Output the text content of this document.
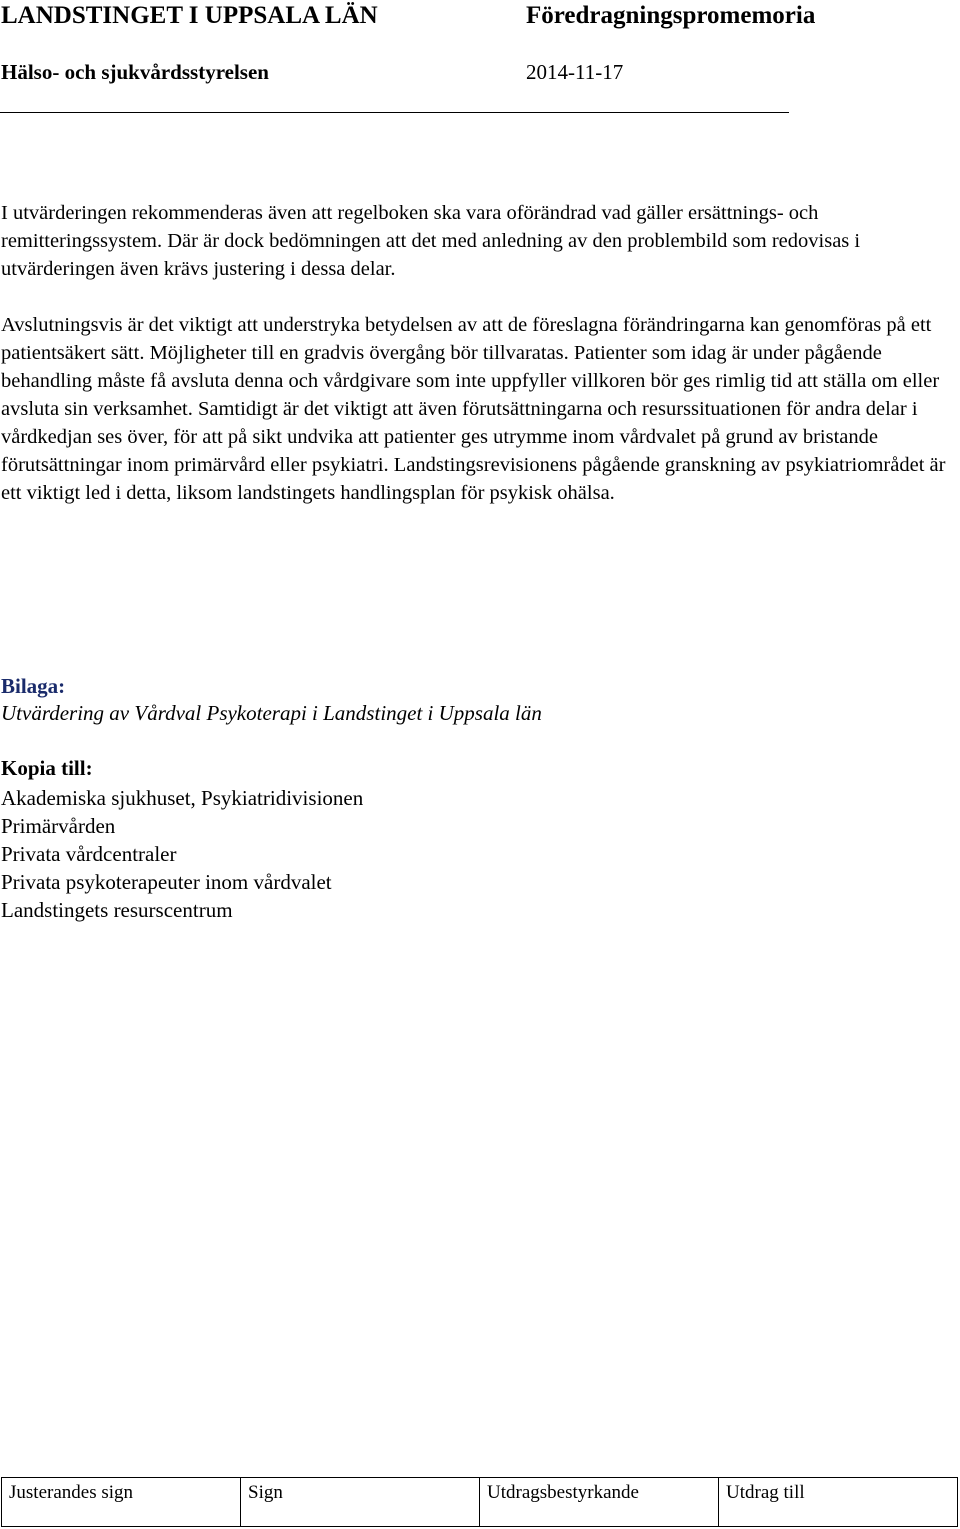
LANDSTINGET I UPPSALA LÄN	Föredragningspromemoria
Hälso- och sjukvårdsstyrelsen	2014-11-17

I utvärderingen rekommenderas även att regelboken ska vara oförändrad vad gäller ersättnings- och remitteringssystem. Där är dock bedömningen att det med anledning av den problembild som redovisas i utvärderingen även krävs justering i dessa delar.

Avslutningsvis är det viktigt att understryka betydelsen av att de föreslagna förändringarna kan genomföras på ett patientsäkert sätt. Möjligheter till en gradvis övergång bör tillvaratas. Patienter som idag är under pågående behandling måste få avsluta denna och vårdgivare som inte uppfyller villkoren bör ges rimlig tid att ställa om eller avsluta sin verksamhet. Samtidigt är det viktigt att även förutsättningarna och resurssituationen för andra delar i vårdkedjan ses över, för att på sikt undvika att patienter ges utrymme inom vårdvalet på grund av bristande förutsättningar inom primärvård eller psykiatri. Landstingsrevisionens pågående granskning av psykiatriområdet är ett viktigt led i detta, liksom landstingets handlingsplan för psykisk ohälsa.

Bilaga:
Utvärdering av Vårdval Psykoterapi i Landstinget i Uppsala län
Kopia till:
Akademiska sjukhuset, Psykiatridivisionen
Primärvården
Privata vårdcentraler
Privata psykoterapeuter inom vårdvalet
Landstingets resurscentrum
Justerandes sign	Sign	Utdragsbestyrkande	Utdrag till
